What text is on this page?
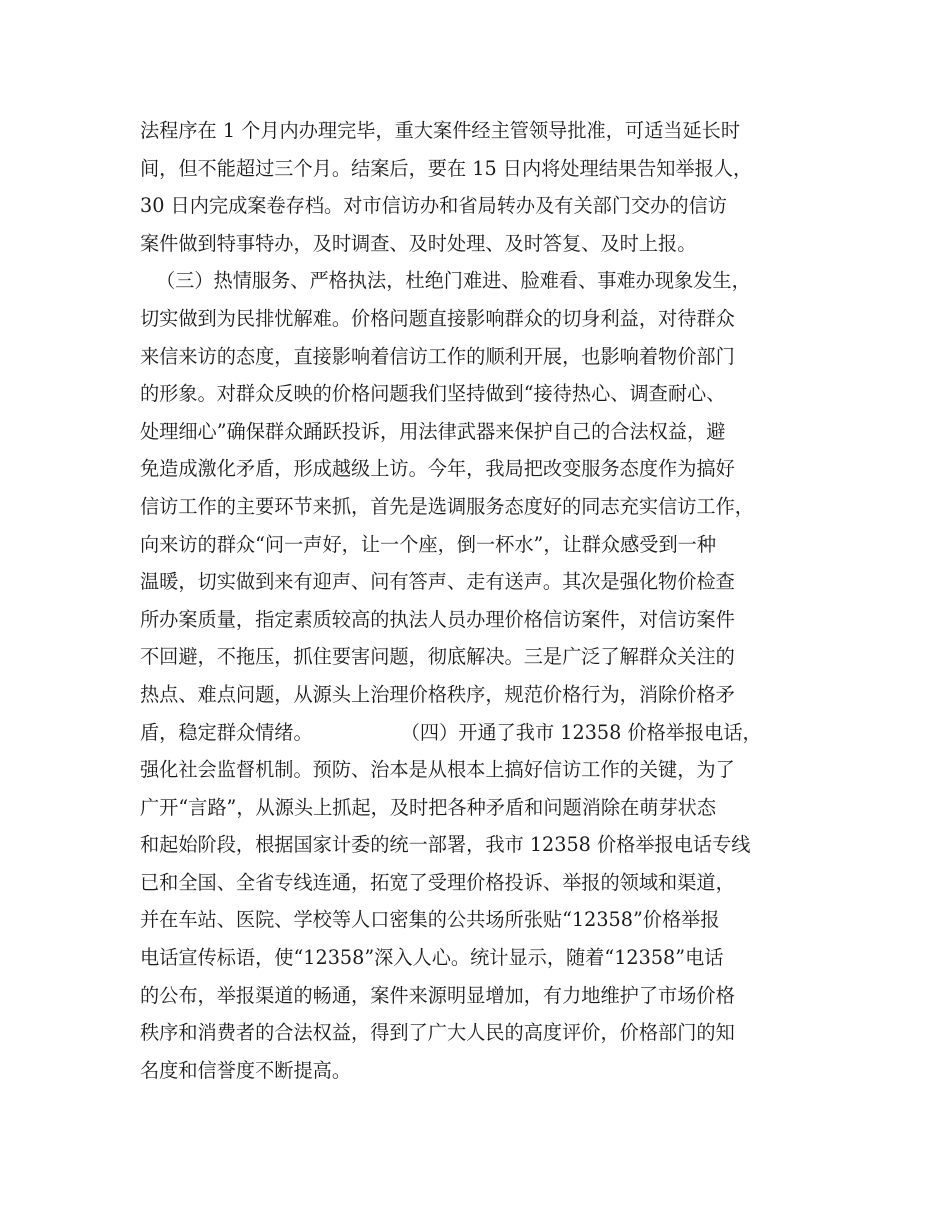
法程序在 1 个月内办理完毕，重大案件经主管领导批准，可适当延长时
间，但不能超过三个月。结案后，要在 15 日内将处理结果告知举报人，
30 日内完成案卷存档。对市信访办和省局转办及有关部门交办的信访
案件做到特事特办，及时调查、及时处理、及时答复、及时上报。
（三）热情服务、严格执法，杜绝门难进、脸难看、事难办现象发生，
切实做到为民排忧解难。价格问题直接影响群众的切身利益，对待群众
来信来访的态度，直接影响着信访工作的顺利开展，也影响着物价部门
的形象。对群众反映的价格问题我们坚持做到“接待热心、调查耐心、
处理细心”确保群众踊跃投诉，用法律武器来保护自己的合法权益，避
免造成激化矛盾，形成越级上访。今年，我局把改变服务态度作为搞好
信访工作的主要环节来抓，首先是选调服务态度好的同志充实信访工作，
向来访的群众“问一声好，让一个座，倒一杯水”，让群众感受到一种
温暖，切实做到来有迎声、问有答声、走有送声。其次是强化物价检查
所办案质量，指定素质较高的执法人员办理价格信访案件，对信访案件
不回避，不拖压，抓住要害问题，彻底解决。三是广泛了解群众关注的
热点、难点问题，从源头上治理价格秩序，规范价格行为，消除价格矛
盾，稳定群众情绪。	（四）开通了我市 12358 价格举报电话，
强化社会监督机制。预防、治本是从根本上搞好信访工作的关键，为了
广开“言路”，从源头上抓起，及时把各种矛盾和问题消除在萌芽状态
和起始阶段，根据国家计委的统一部署，我市 12358 价格举报电话专线
已和全国、全省专线连通，拓宽了受理价格投诉、举报的领域和渠道，
并在车站、医院、学校等人口密集的公共场所张贴“12358”价格举报
电话宣传标语，使“12358”深入人心。统计显示，随着“12358”电话
的公布，举报渠道的畅通，案件来源明显增加，有力地维护了市场价格
秩序和消费者的合法权益，得到了广大人民的高度评价，价格部门的知
名度和信誉度不断提高。
